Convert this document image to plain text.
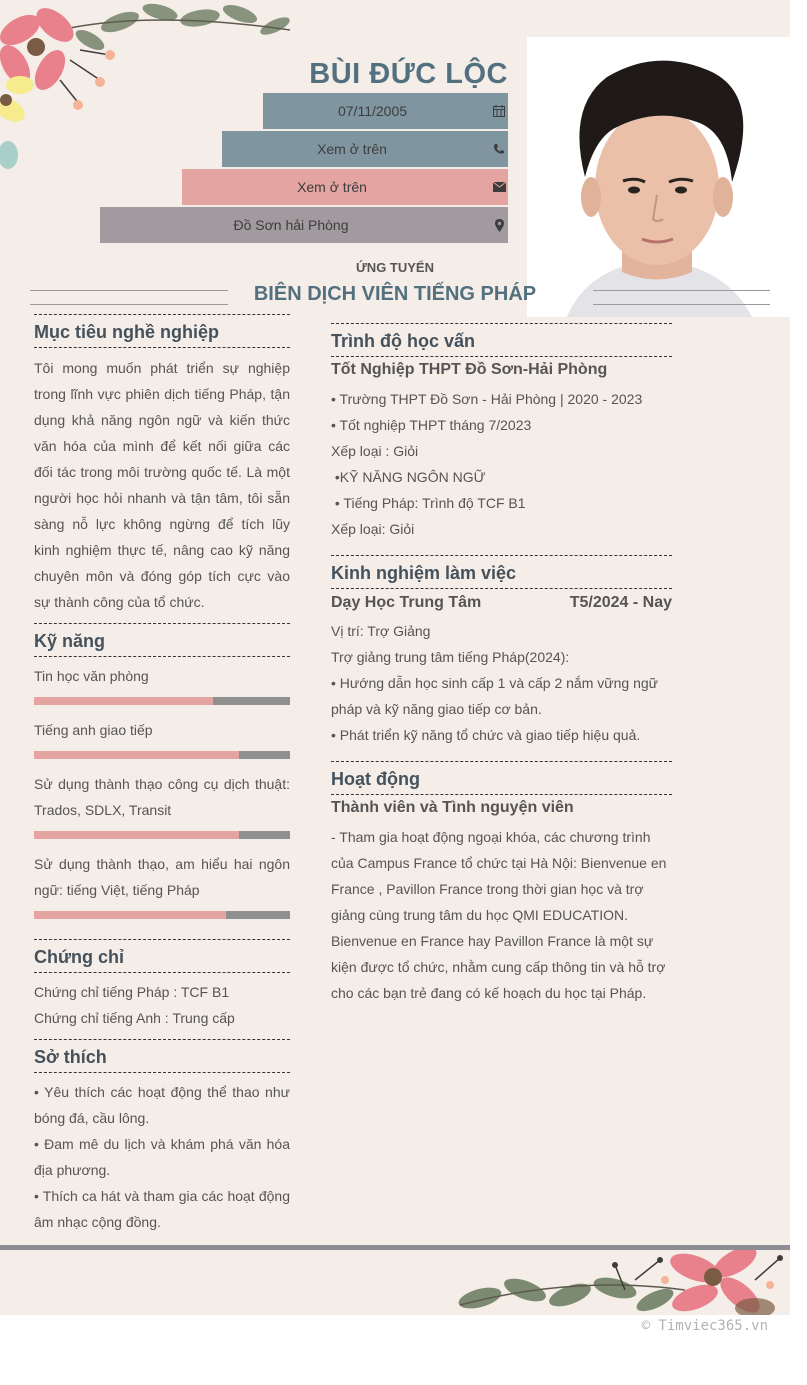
BÙI ĐỨC LỘC
07/11/2005
Xem ở trên
Xem ở trên
Đồ Sơn hải Phòng
ỨNG TUYỂN
BIÊN DỊCH VIÊN TIẾNG PHÁP
Mục tiêu nghề nghiệp
Tôi mong muốn phát triển sự nghiệp trong lĩnh vực phiên dịch tiếng Pháp, tận dụng khả năng ngôn ngữ và kiến thức văn hóa của mình để kết nối giữa các đối tác trong môi trường quốc tế. Là một người học hỏi nhanh và tận tâm, tôi sẵn sàng nỗ lực không ngừng để tích lũy kinh nghiệm thực tế, nâng cao kỹ năng chuyên môn và đóng góp tích cực vào sự thành công của tổ chức.
Kỹ năng
Tin học văn phòng
Tiếng anh giao tiếp
Sử dụng thành thạo công cụ dịch thuật: Trados, SDLX, Transit
Sử dụng thành thạo, am hiểu hai ngôn ngữ: tiếng Việt, tiếng Pháp
Chứng chỉ
Chứng chỉ tiếng Pháp : TCF B1
Chứng chỉ tiếng Anh : Trung cấp
Sở thích
• Yêu thích các hoạt động thể thao như bóng đá, cầu lông.
• Đam mê du lịch và khám phá văn hóa địa phương.
• Thích ca hát và tham gia các hoạt động âm nhạc cộng đồng.
Trình độ học vấn
Tốt Nghiệp THPT Đồ Sơn-Hải Phòng
• Trường THPT Đồ Sơn - Hải Phòng | 2020 - 2023
• Tốt nghiệp THPT tháng 7/2023
Xếp loại : Giỏi
•KỸ NĂNG NGÔN NGỮ
• Tiếng Pháp: Trình độ TCF B1
Xếp loại: Giỏi
Kinh nghiệm làm việc
Dạy Học Trung Tâm	T5/2024 - Nay
Vị trí: Trợ Giảng
Trợ giảng trung tâm tiếng Pháp(2024):
• Hướng dẫn học sinh cấp 1 và cấp 2 nắm vững ngữ pháp và kỹ năng giao tiếp cơ bản.
• Phát triển kỹ năng tổ chức và giao tiếp hiệu quả.
Hoạt động
Thành viên và Tình nguyện viên
- Tham gia hoạt động ngoại khóa, các chương trình của Campus France tổ chức tại Hà Nội: Bienvenue en France , Pavillon France trong thời gian học và trợ giảng cùng trung tâm du học QMI EDUCATION. Bienvenue en France hay Pavillon France là một sự kiện được tổ chức, nhằm cung cấp thông tin và hỗ trợ cho các bạn trẻ đang có kế hoạch du học tại Pháp.
© Timviec365.vn
